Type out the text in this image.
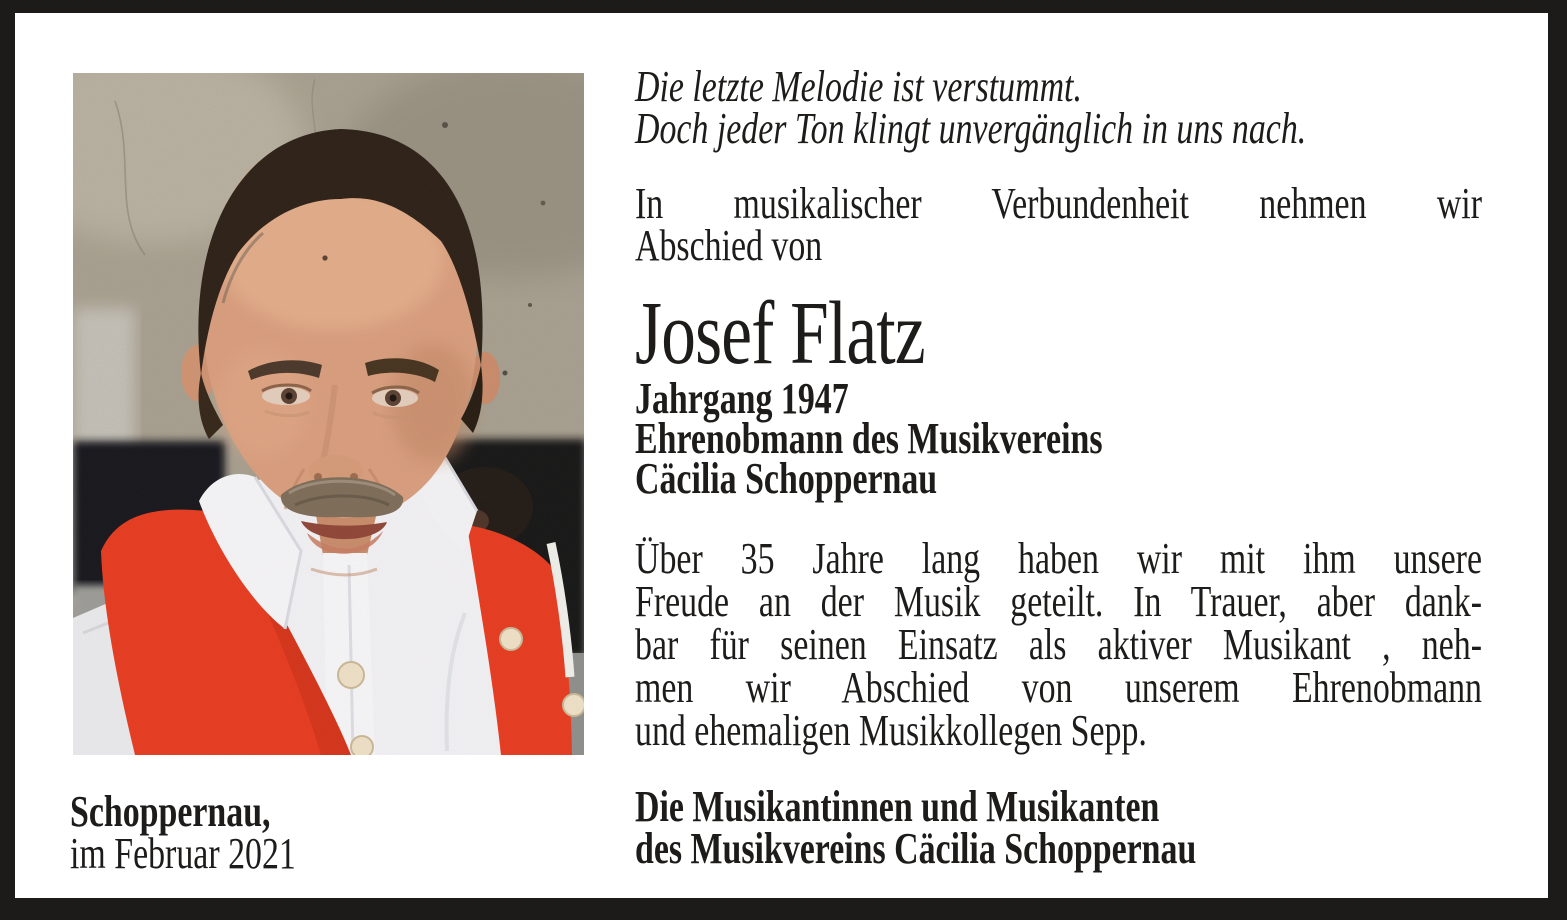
Die letzte Melodie ist verstummt.
Doch jeder Ton klingt unvergänglich in uns nach.
In musikalischer Verbundenheit nehmen wir
Abschied von
Josef Flatz
Jahrgang 1947
Ehrenobmann des Musikvereins
Cäcilia Schoppernau
Über 35 Jahre lang haben wir mit ihm unsere
Freude an der Musik geteilt. In Trauer, aber dank-
bar für seinen Einsatz als aktiver Musikant , neh-
men wir Abschied von unserem Ehrenobmann
und ehemaligen Musikkollegen Sepp.
Die Musikantinnen und Musikanten
des Musikvereins Cäcilia Schoppernau
Schoppernau,
im Februar 2021
